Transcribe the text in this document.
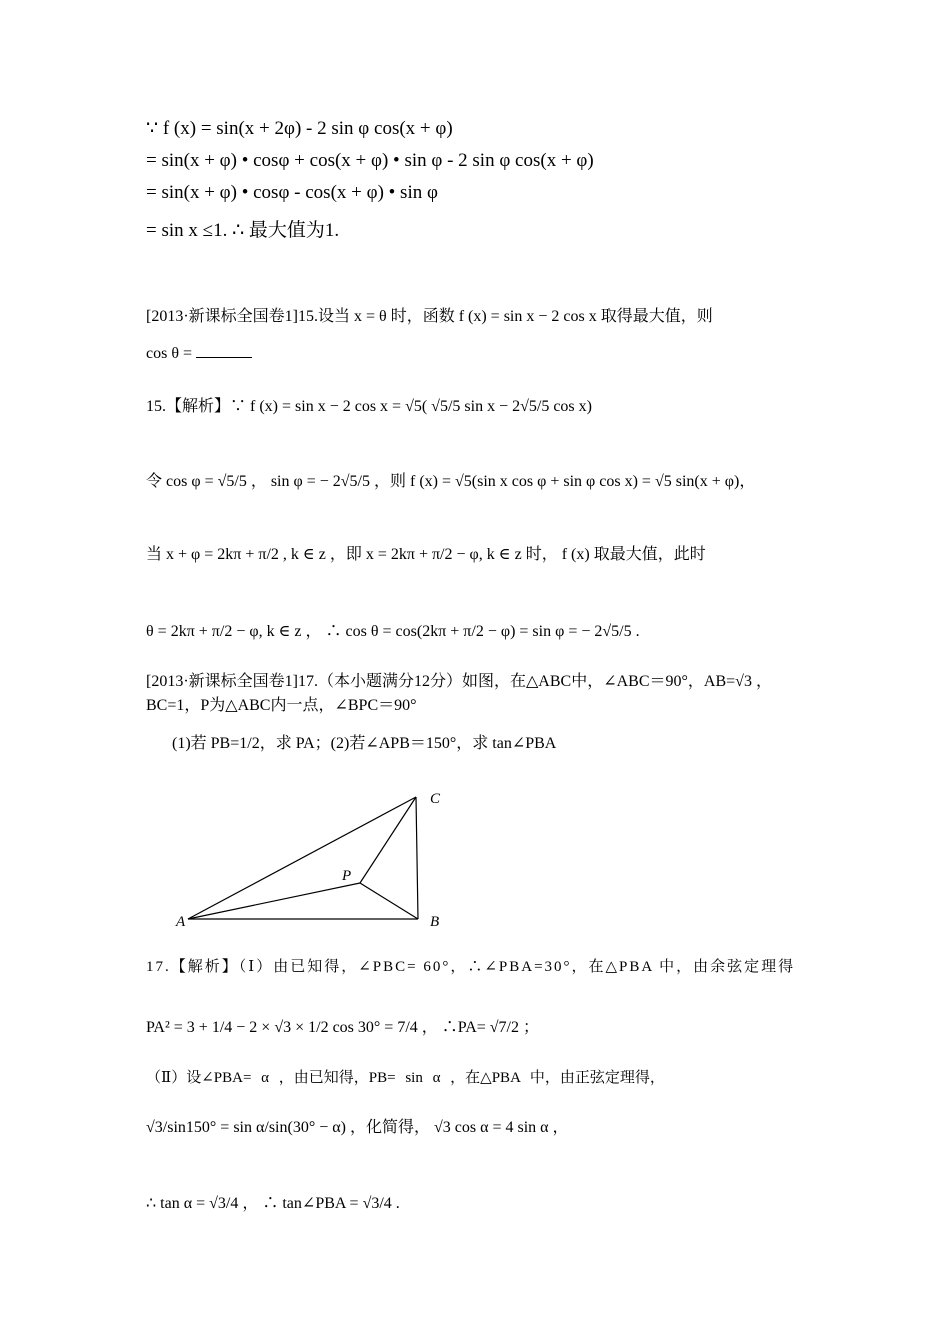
∵ f (x) = sin(x + 2φ) - 2 sin φ cos(x + φ)
= sin(x + φ) • cosφ + cos(x + φ) • sin φ - 2 sin φ cos(x + φ)
= sin(x + φ) • cosφ - cos(x + φ) • sin φ
= sin x ≤1. ∴ 最大值为1.
[2013·新课标全国卷1]15.设当 x = θ 时，函数 f (x) = sin x − 2 cos x 取得最大值，则
cos θ =
15.【解析】∵ f (x) = sin x − 2 cos x = √5( √5/5 sin x − 2√5/5 cos x)
令 cos φ = √5/5 ， sin φ = − 2√5/5 ，则 f (x) = √5(sin x cos φ + sin φ cos x) = √5 sin(x + φ)，
当 x + φ = 2kπ + π/2 , k ∈ z ，即 x = 2kπ + π/2 − φ, k ∈ z 时， f (x) 取最大值，此时
θ = 2kπ + π/2 − φ, k ∈ z ， ∴ cos θ = cos(2kπ + π/2 − φ) = sin φ = − 2√5/5 .
[2013·新课标全国卷1]17.（本小题满分12分）如图，在△ABC中，∠ABC＝90°，AB=√3 ，
BC=1，P为△ABC内一点，∠BPC＝90°
(1)若 PB=1/2，求 PA；(2)若∠APB＝150°，求 tan∠PBA
A	B
C
P
17.【解析】（Ⅰ）由已知得，∠PBC= 60°，∴∠PBA=30°，在△PBA 中，由余弦定理得
PA² = 3 + 1/4 − 2 × √3 × 1/2 cos 30° = 7/4 ， ∴PA= √7/2 ；
（Ⅱ）设∠PBA= α ，由已知得，PB= sin α ，在△PBA 中，由正弦定理得，
√3/sin150° = sin α/sin(30° − α) ，化简得， √3 cos α = 4 sin α ，
∴ tan α = √3/4 ， ∴ tan∠PBA = √3/4 .
